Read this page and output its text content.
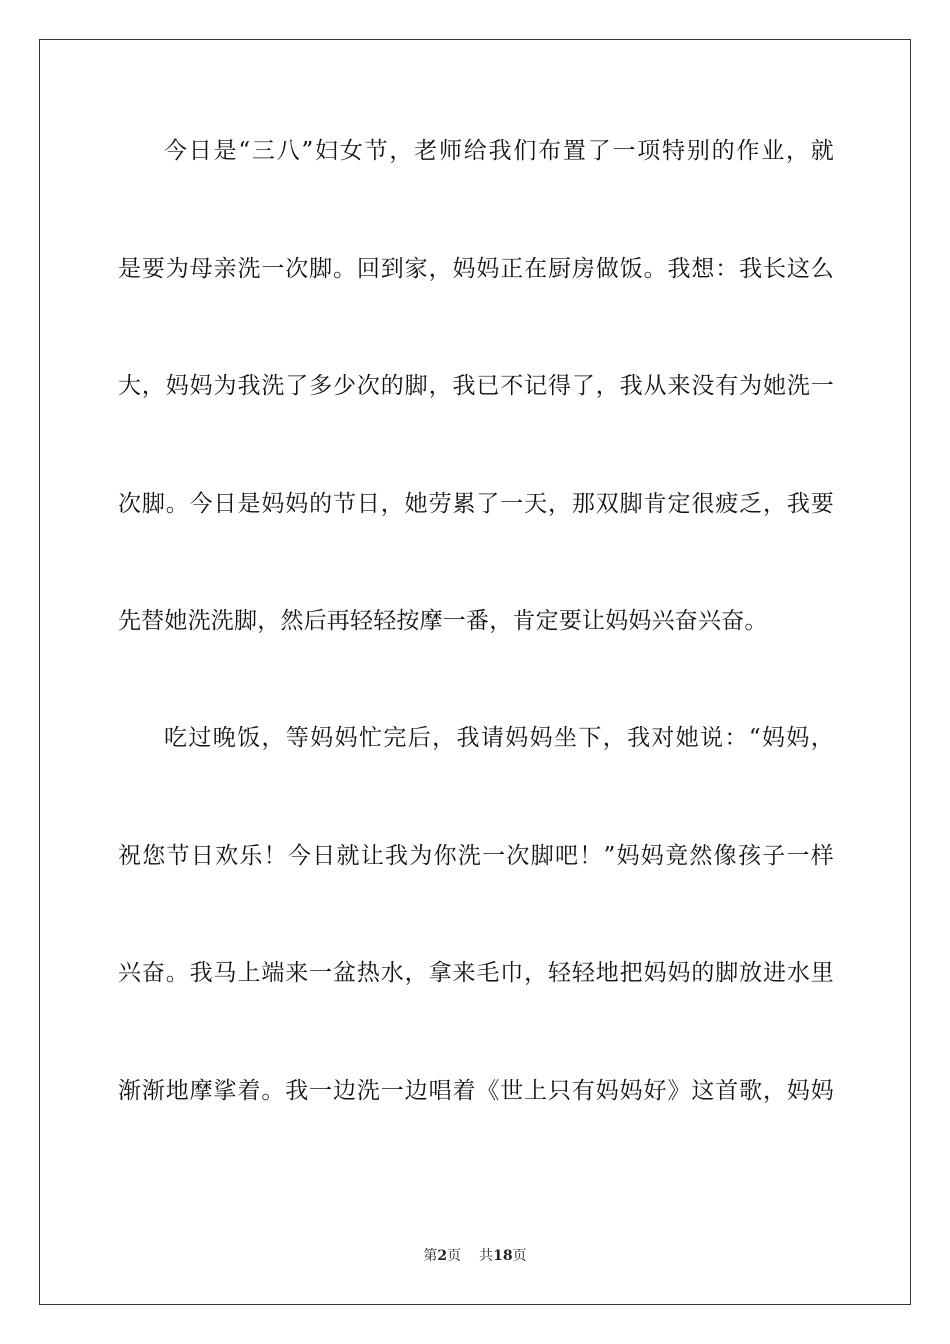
今日是“三八”妇女节，老师给我们布置了一项特别的作业，就
是要为母亲洗一次脚。回到家，妈妈正在厨房做饭。我想：我长这么
大，妈妈为我洗了多少次的脚，我已不记得了，我从来没有为她洗一
次脚。今日是妈妈的节日，她劳累了一天，那双脚肯定很疲乏，我要
先替她洗洗脚，然后再轻轻按摩一番，肯定要让妈妈兴奋兴奋。
吃过晚饭，等妈妈忙完后，我请妈妈坐下，我对她说：“妈妈，
祝您节日欢乐！今日就让我为你洗一次脚吧！”妈妈竟然像孩子一样
兴奋。我马上端来一盆热水，拿来毛巾，轻轻地把妈妈的脚放进水里
渐渐地摩挲着。我一边洗一边唱着《世上只有妈妈好》这首歌，妈妈
第2页 共18页
